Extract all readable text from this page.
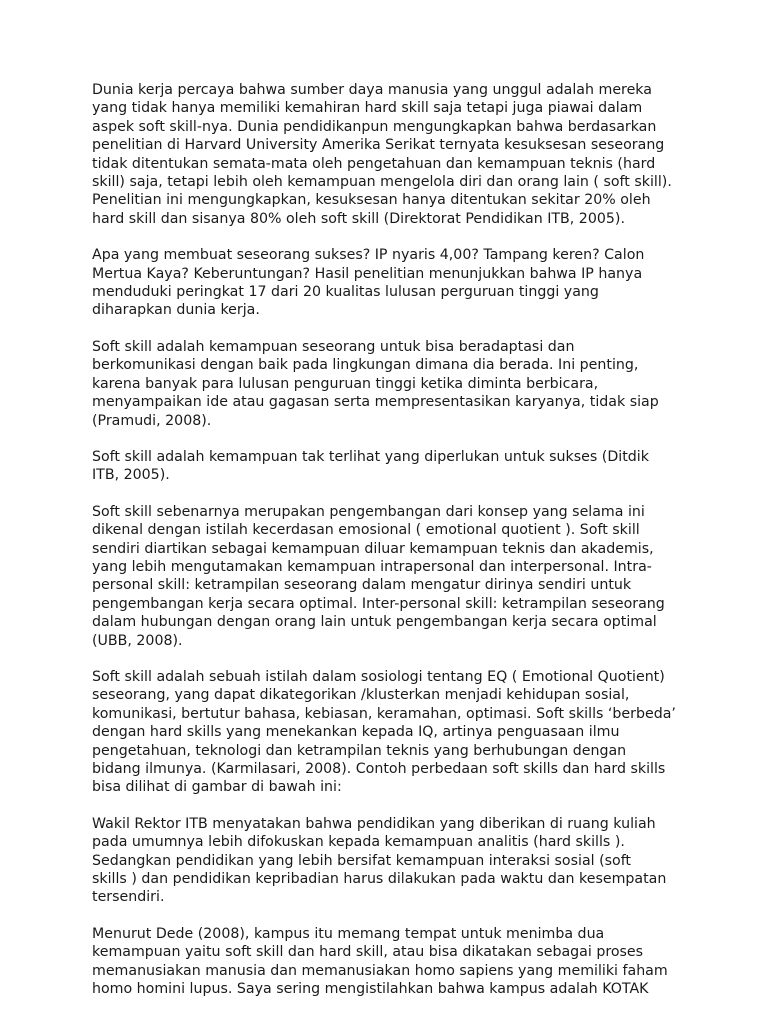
Dunia kerja percaya bahwa sumber daya manusia yang unggul adalah mereka
yang tidak hanya memiliki kemahiran hard skill saja tetapi juga piawai dalam
aspek soft skill-nya. Dunia pendidikanpun mengungkapkan bahwa berdasarkan
penelitian di Harvard University Amerika Serikat ternyata kesuksesan seseorang
tidak ditentukan semata-mata oleh pengetahuan dan kemampuan teknis (hard
skill) saja, tetapi lebih oleh kemampuan mengelola diri dan orang lain ( soft skill).
Penelitian ini mengungkapkan, kesuksesan hanya ditentukan sekitar 20% oleh
hard skill dan sisanya 80% oleh soft skill (Direktorat Pendidikan ITB, 2005).

Apa yang membuat seseorang sukses? IP nyaris 4,00? Tampang keren? Calon
Mertua Kaya? Keberuntungan? Hasil penelitian menunjukkan bahwa IP hanya
menduduki peringkat 17 dari 20 kualitas lulusan perguruan tinggi yang
diharapkan dunia kerja.

Soft skill adalah kemampuan seseorang untuk bisa beradaptasi dan
berkomunikasi dengan baik pada lingkungan dimana dia berada. Ini penting,
karena banyak para lulusan penguruan tinggi ketika diminta berbicara,
menyampaikan ide atau gagasan serta mempresentasikan karyanya, tidak siap
(Pramudi, 2008).

Soft skill adalah kemampuan tak terlihat yang diperlukan untuk sukses (Ditdik
ITB, 2005).

Soft skill sebenarnya merupakan pengembangan dari konsep yang selama ini
dikenal dengan istilah kecerdasan emosional ( emotional quotient ). Soft skill
sendiri diartikan sebagai kemampuan diluar kemampuan teknis dan akademis,
yang lebih mengutamakan kemampuan intrapersonal dan interpersonal. Intra-
personal skill: ketrampilan seseorang dalam mengatur dirinya sendiri untuk
pengembangan kerja secara optimal. Inter-personal skill: ketrampilan seseorang
dalam hubungan dengan orang lain untuk pengembangan kerja secara optimal
(UBB, 2008).

Soft skill adalah sebuah istilah dalam sosiologi tentang EQ ( Emotional Quotient)
seseorang, yang dapat dikategorikan /klusterkan menjadi kehidupan sosial,
komunikasi, bertutur bahasa, kebiasan, keramahan, optimasi. Soft skills ‘berbeda’
dengan hard skills yang menekankan kepada IQ, artinya penguasaan ilmu
pengetahuan, teknologi dan ketrampilan teknis yang berhubungan dengan
bidang ilmunya. (Karmilasari, 2008). Contoh perbedaan soft skills dan hard skills
bisa dilihat di gambar di bawah ini:

Wakil Rektor ITB menyatakan bahwa pendidikan yang diberikan di ruang kuliah
pada umumnya lebih difokuskan kepada kemampuan analitis (hard skills ).
Sedangkan pendidikan yang lebih bersifat kemampuan interaksi sosial (soft
skills ) dan pendidikan kepribadian harus dilakukan pada waktu dan kesempatan
tersendiri.

Menurut Dede (2008), kampus itu memang tempat untuk menimba dua
kemampuan yaitu soft skill dan hard skill, atau bisa dikatakan sebagai proses
memanusiakan manusia dan memanusiakan homo sapiens yang memiliki faham
homo homini lupus. Saya sering mengistilahkan bahwa kampus adalah KOTAK
